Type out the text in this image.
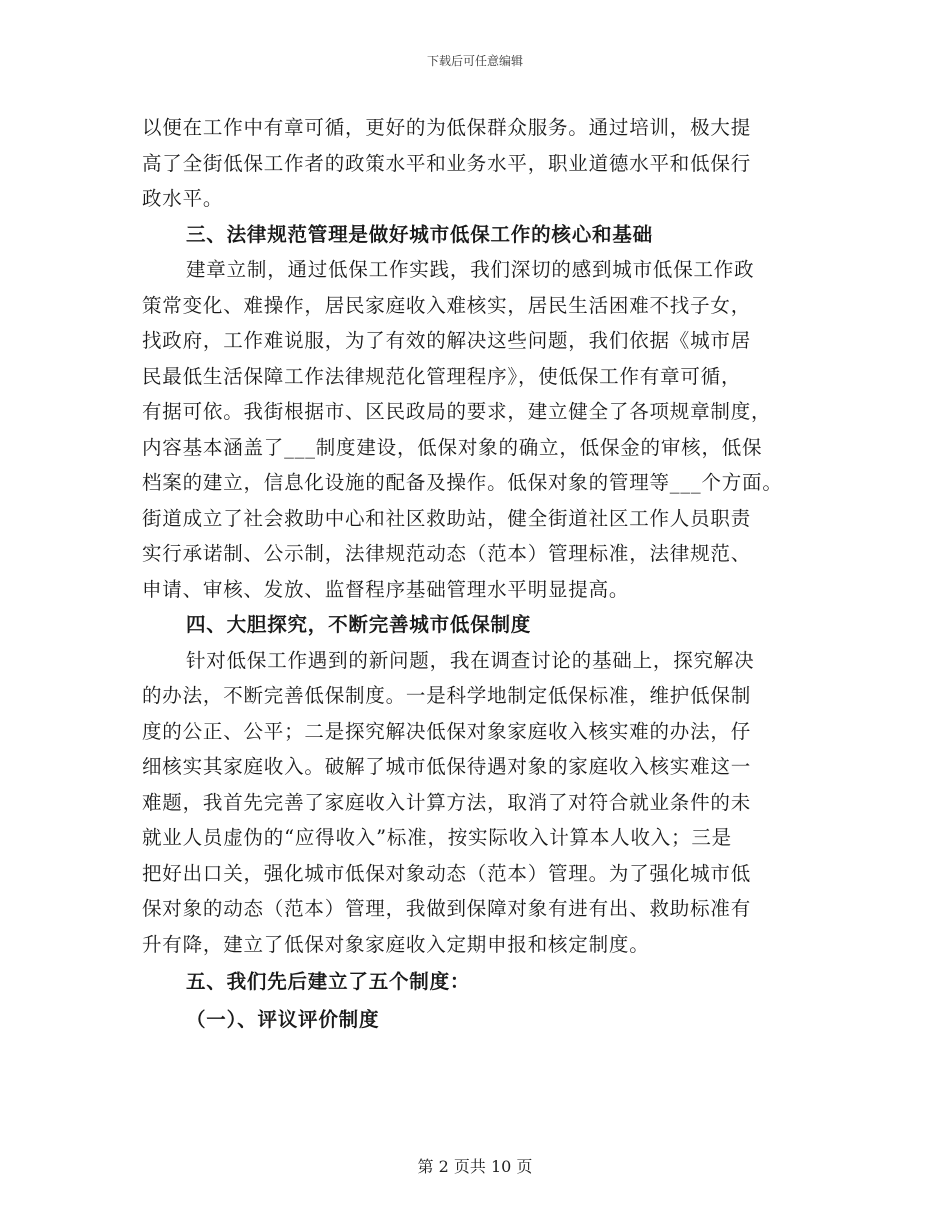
下载后可任意编辑
以便在工作中有章可循，更好的为低保群众服务。通过培训，极大提
高了全街低保工作者的政策水平和业务水平，职业道德水平和低保行
政水平。
三、法律规范管理是做好城市低保工作的核心和基础
建章立制，通过低保工作实践，我们深切的感到城市低保工作政
策常变化、难操作，居民家庭收入难核实，居民生活困难不找子女，
找政府，工作难说服，为了有效的解决这些问题，我们依据《城市居
民最低生活保障工作法律规范化管理程序》，使低保工作有章可循，
有据可依。我街根据市、区民政局的要求，建立健全了各项规章制度，
内容基本涵盖了___制度建设，低保对象的确立，低保金的审核，低保
档案的建立，信息化设施的配备及操作。低保对象的管理等___个方面。
街道成立了社会救助中心和社区救助站，健全街道社区工作人员职责
实行承诺制、公示制，法律规范动态（范本）管理标准，法律规范、
申请、审核、发放、监督程序基础管理水平明显提高。
四、大胆探究，不断完善城市低保制度
针对低保工作遇到的新问题，我在调查讨论的基础上，探究解决
的办法，不断完善低保制度。一是科学地制定低保标准，维护低保制
度的公正、公平；二是探究解决低保对象家庭收入核实难的办法，仔
细核实其家庭收入。破解了城市低保待遇对象的家庭收入核实难这一
难题，我首先完善了家庭收入计算方法，取消了对符合就业条件的未
就业人员虚伪的“应得收入”标准，按实际收入计算本人收入；三是
把好出口关，强化城市低保对象动态（范本）管理。为了强化城市低
保对象的动态（范本）管理，我做到保障对象有进有出、救助标准有
升有降，建立了低保对象家庭收入定期申报和核定制度。
五、我们先后建立了五个制度：
（一）、评议评价制度
第 2 页共 10 页
